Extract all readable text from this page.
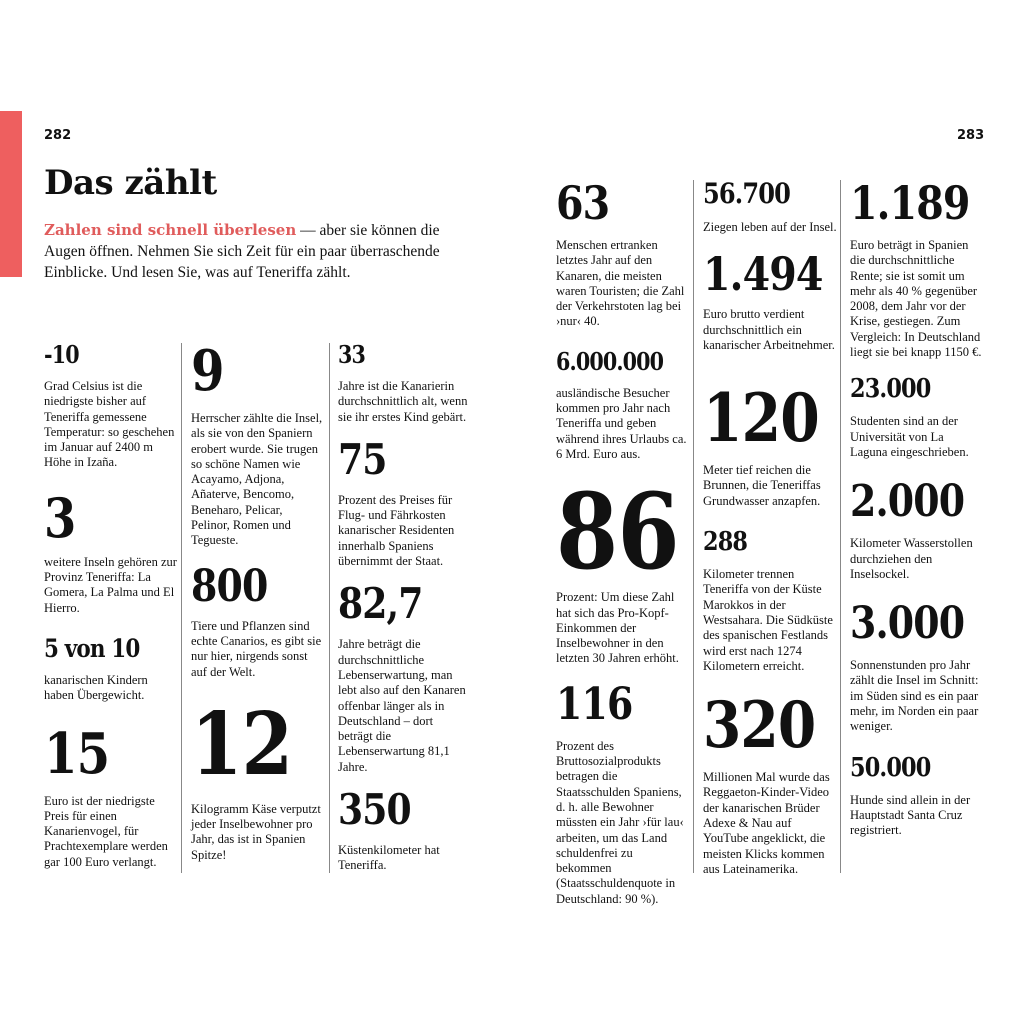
282	283
Das zählt
Zahlen sind schnell überlesen — aber sie können die Augen öffnen. Nehmen Sie sich Zeit für ein paar überraschende Einblicke. Und lesen Sie, was auf Teneriffa zählt.
-10
Grad Celsius ist die niedrigste bisher auf Teneriffa gemessene Temperatur: so geschehen im Januar auf 2400 m Höhe in Izaña.
3
weitere Inseln gehören zur Provinz Teneriffa: La Gomera, La Palma und El Hierro.
5 von 10
kanarischen Kindern haben Übergewicht.
15
Euro ist der niedrigste Preis für einen Kanarienvogel, für Prachtexemplare werden gar 100 Euro verlangt.
9
Herrscher zählte die Insel, als sie von den Spaniern erobert wurde. Sie trugen so schöne Namen wie Acayamo, Adjona, Añaterve, Bencomo, Beneharo, Pelicar, Pelinor, Romen und Tegueste.
800
Tiere und Pflanzen sind echte Canarios, es gibt sie nur hier, nirgends sonst auf der Welt.
12
Kilogramm Käse verputzt jeder Inselbewohner pro Jahr, das ist in Spanien Spitze!
33
Jahre ist die Kanarierin durchschnittlich alt, wenn sie ihr erstes Kind gebärt.
75
Prozent des Preises für Flug- und Fährkosten kanarischer Residenten innerhalb Spaniens übernimmt der Staat.
82,7
Jahre beträgt die durchschnittliche Lebenserwartung, man lebt also auf den Kanaren offenbar länger als in Deutschland – dort beträgt die Lebenserwartung 81,1 Jahre.
350
Küstenkilometer hat Teneriffa.
63
Menschen ertranken letztes Jahr auf den Kanaren, die meisten waren Touristen; die Zahl der Verkehrstoten lag bei ›nur‹ 40.
6.000.000
ausländische Besucher kommen pro Jahr nach Teneriffa und geben während ihres Urlaubs ca. 6 Mrd. Euro aus.
86
Prozent: Um diese Zahl hat sich das Pro-Kopf-Einkommen der Inselbewohner in den letzten 30 Jahren erhöht.
116
Prozent des Bruttosozialprodukts betragen die Staatsschulden Spaniens, d. h. alle Bewohner müssten ein Jahr ›für lau‹ arbeiten, um das Land schuldenfrei zu bekommen (Staatsschuldenquote in Deutschland: 90 %).
56.700
Ziegen leben auf der Insel.
1.494
Euro brutto verdient durchschnittlich ein kanarischer Arbeitnehmer.
120
Meter tief reichen die Brunnen, die Teneriffas Grundwasser anzapfen.
288
Kilometer trennen Teneriffa von der Küste Marokkos in der Westsahara. Die Südküste des spanischen Festlands wird erst nach 1274 Kilometern erreicht.
320
Millionen Mal wurde das Reggaeton-Kinder-Video der kanarischen Brüder Adexe & Nau auf YouTube angeklickt, die meisten Klicks kommen aus Lateinamerika.
1.189
Euro beträgt in Spanien die durchschnittliche Rente; sie ist somit um mehr als 40 % gegenüber 2008, dem Jahr vor der Krise, gestiegen. Zum Vergleich: In Deutschland liegt sie bei knapp 1150 €.
23.000
Studenten sind an der Universität von La Laguna eingeschrieben.
2.000
Kilometer Wasserstollen durchziehen den Inselsockel.
3.000
Sonnenstunden pro Jahr zählt die Insel im Schnitt: im Süden sind es ein paar mehr, im Norden ein paar weniger.
50.000
Hunde sind allein in der Hauptstadt Santa Cruz registriert.
